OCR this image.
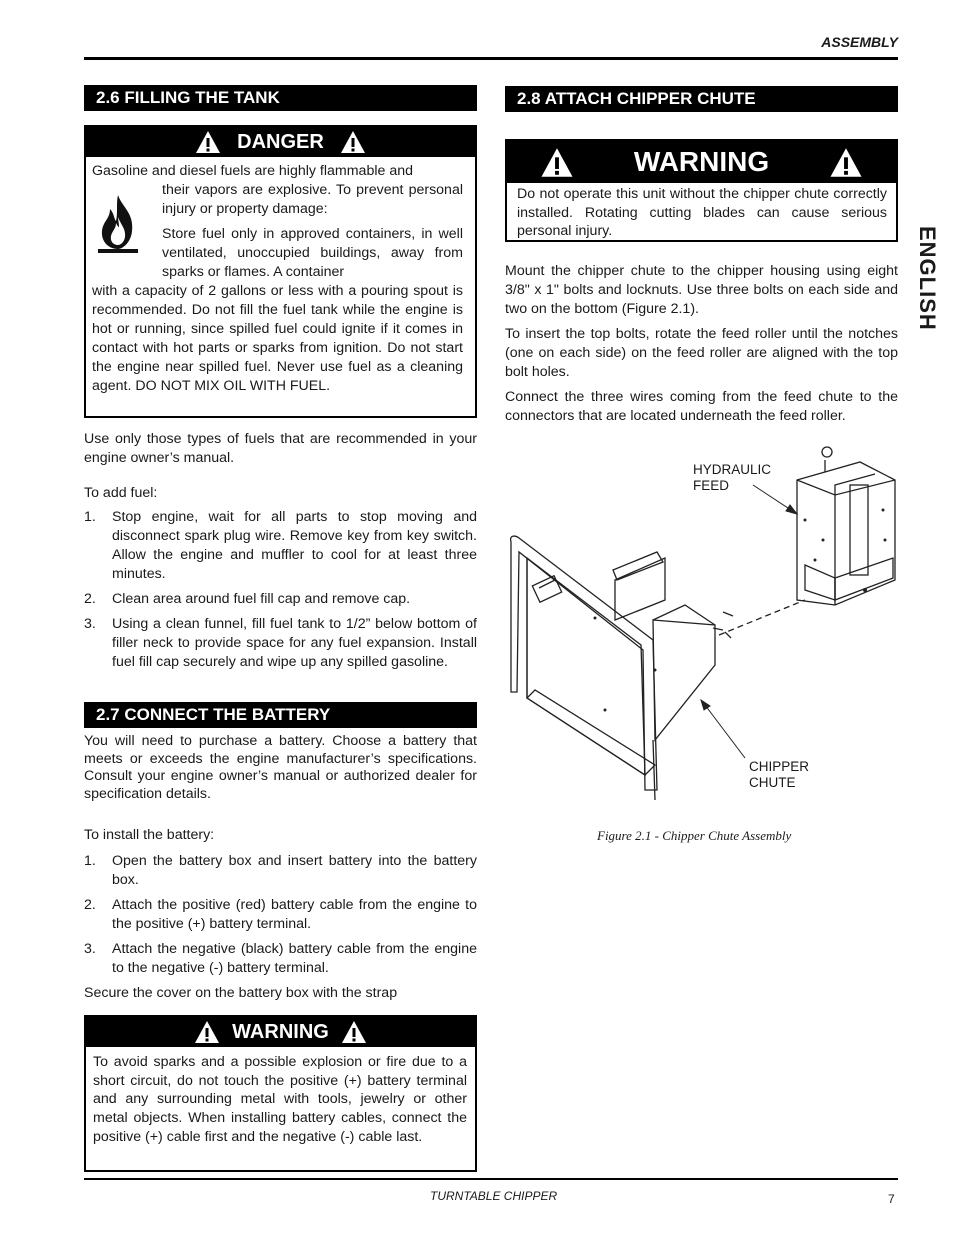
ASSEMBLY
ENGLISH
TURNTABLE CHIPPER	7
2.6 FILLING THE TANK
DANGER

Gasoline and diesel fuels are highly flammable and

their vapors are explosive. To prevent personal injury or property damage:

Store fuel only in approved containers, in well ventilated, unoccupied buildings, away from sparks or flames. A container

with a capacity of 2 gallons or less with a pouring spout is recommended. Do not fill the fuel tank while the engine is hot or running, since spilled fuel could ignite if it comes in contact with hot parts or sparks from ignition. Do not start the engine near spilled fuel. Never use fuel as a cleaning agent. DO NOT MIX OIL WITH FUEL.

Use only those types of fuels that are recommended in your engine owner’s manual.

To add fuel:

1.	Stop engine, wait for all parts to stop moving and disconnect spark plug wire. Remove key from key switch. Allow the engine and muffler to cool for at least three minutes.
2.	Clean area around fuel fill cap and remove cap.
3.	Using a clean funnel, fill fuel tank to 1/2” below bottom of filler neck to provide space for any fuel expansion. Install fuel fill cap securely and wipe up any spilled gasoline.
2.7 CONNECT THE BATTERY

You will need to purchase a battery. Choose a battery that meets or exceeds the engine manufacturer’s specifications. Consult your engine owner’s manual or authorized dealer for specification details.

To install the battery:

1.	Open the battery box and insert battery into the battery box.
2.	Attach the positive (red) battery cable from the engine to the positive (+) battery terminal.
3.	Attach the negative (black) battery cable from the engine to the negative (-) battery terminal.

Secure the cover on the battery box with the strap

WARNING

To avoid sparks and a possible explosion or fire due to a short circuit, do not touch the positive (+) battery terminal and any surrounding metal with tools, jewelry or other metal objects. When installing battery cables, connect the positive (+) cable first and the negative (-) cable last.

2.8 ATTACH CHIPPER CHUTE
WARNING

Do not operate this unit without the chipper chute correctly installed. Rotating cutting blades can cause serious personal injury.

Mount the chipper chute to the chipper housing using eight 3/8" x 1" bolts and locknuts. Use three bolts on each side and two on the bottom (Figure 2.1).

To insert the top bolts, rotate the feed roller until the notches (one on each side) on the feed roller are aligned with the top bolt holes.

Connect the three wires coming from the feed chute to the connectors that are located underneath the feed roller.

HYDRAULIC
FEED
CHIPPER
CHUTE
Figure 2.1 - Chipper Chute Assembly
